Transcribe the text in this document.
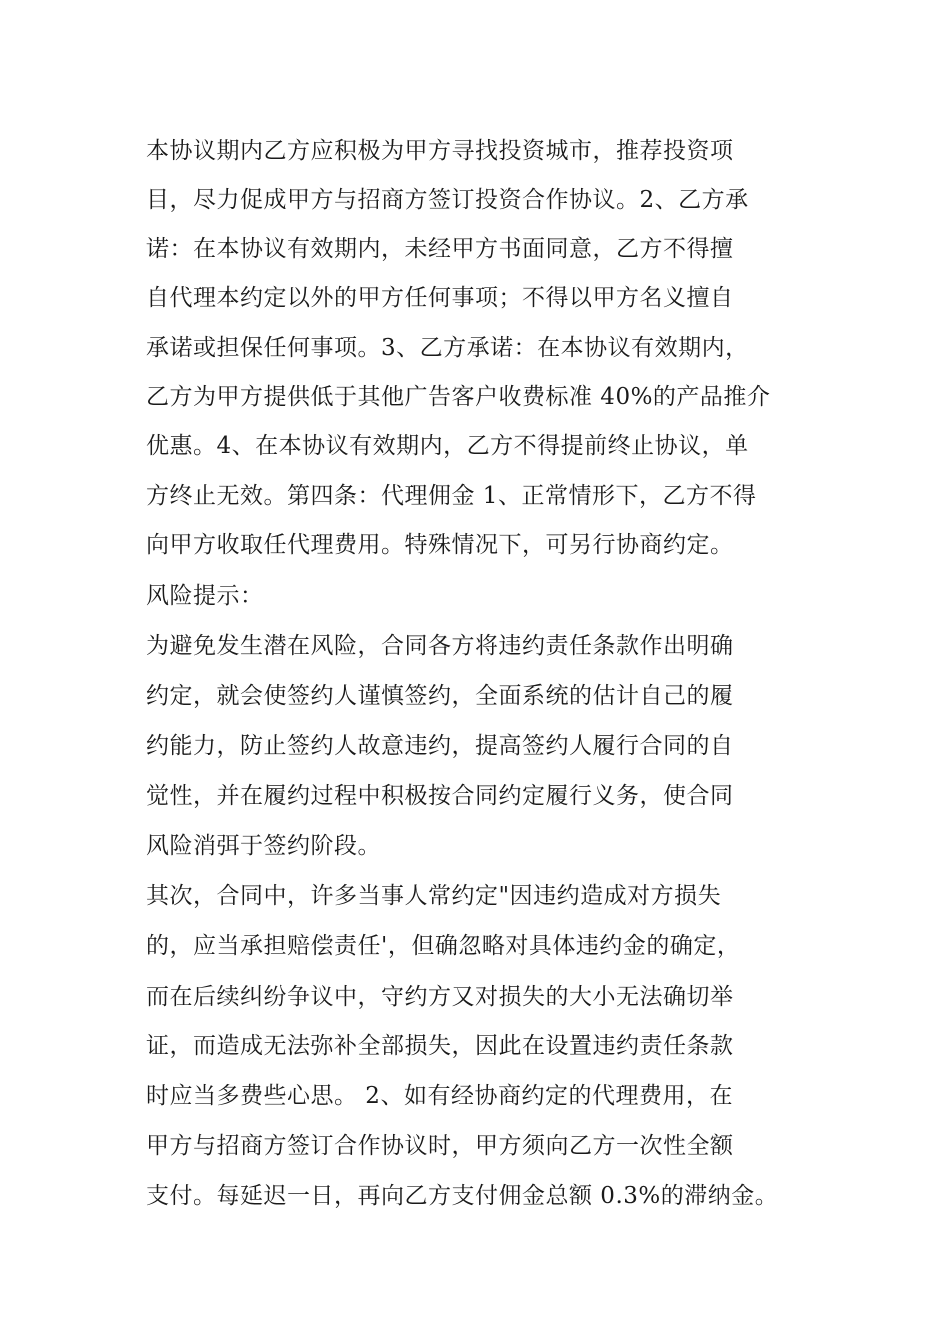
本协议期内乙方应积极为甲方寻找投资城市，推荐投资项
目，尽力促成甲方与招商方签订投资合作协议。2、乙方承
诺：在本协议有效期内，未经甲方书面同意，乙方不得擅
自代理本约定以外的甲方任何事项；不得以甲方名义擅自
承诺或担保任何事项。3、乙方承诺：在本协议有效期内，
乙方为甲方提供低于其他广告客户收费标准 40%的产品推介
优惠。4、在本协议有效期内，乙方不得提前终止协议，单
方终止无效。第四条：代理佣金 1、正常情形下，乙方不得
向甲方收取任代理费用。特殊情况下，可另行协商约定。
风险提示：
为避免发生潜在风险，合同各方将违约责任条款作出明确
约定，就会使签约人谨慎签约，全面系统的估计自己的履
约能力，防止签约人故意违约，提高签约人履行合同的自
觉性，并在履约过程中积极按合同约定履行义务，使合同
风险消弭于签约阶段。
其次，合同中，许多当事人常约定"因违约造成对方损失
的，应当承担赔偿责任'，但确忽略对具体违约金的确定，
而在后续纠纷争议中，守约方又对损失的大小无法确切举
证，而造成无法弥补全部损失，因此在设置违约责任条款
时应当多费些心思。 2、如有经协商约定的代理费用，在
甲方与招商方签订合作协议时，甲方须向乙方一次性全额
支付。每延迟一日，再向乙方支付佣金总额 0.3%的滞纳金。
